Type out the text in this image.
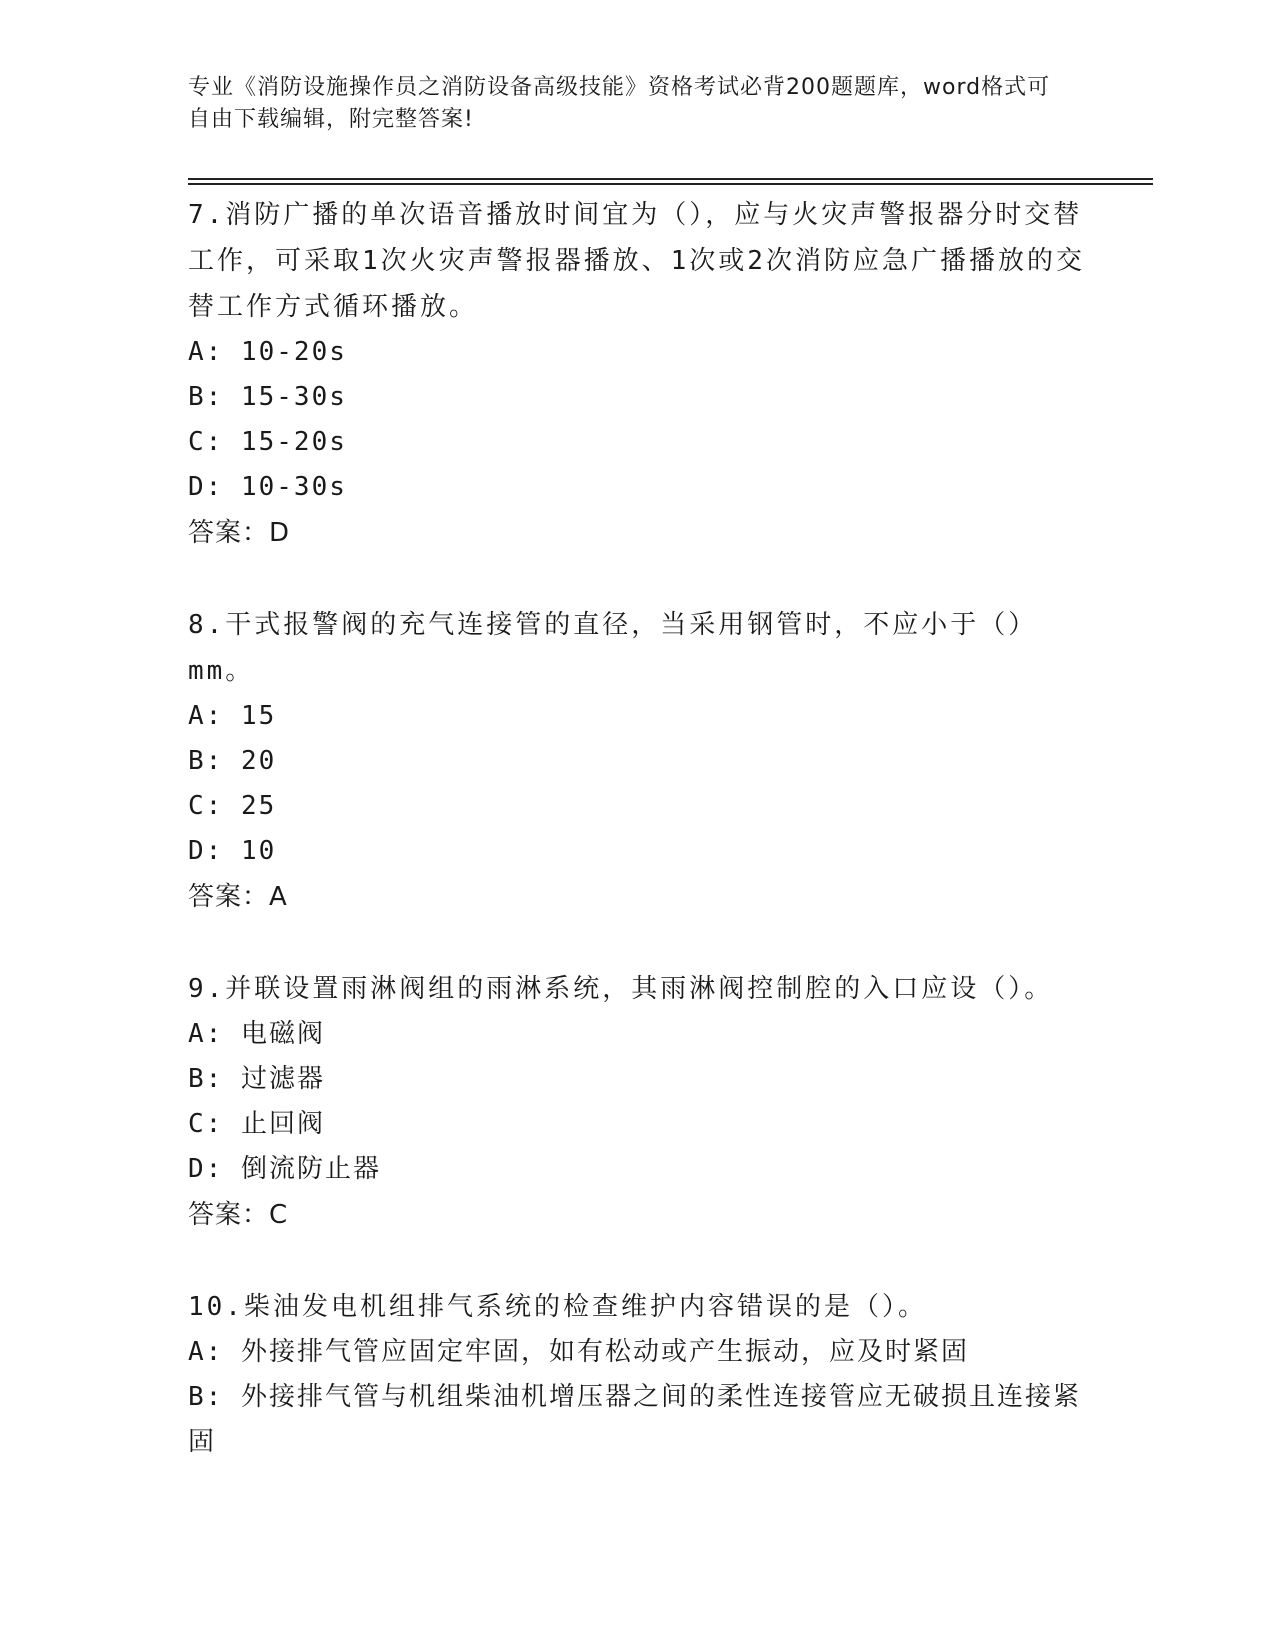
专业《消防设施操作员之消防设备高级技能》资格考试必背200题题库，word格式可自由下载编辑，附完整答案!
7.消防广播的单次语音播放时间宜为（），应与火灾声警报器分时交替工作，可采取1次火灾声警报器播放、1次或2次消防应急广播播放的交替工作方式循环播放。
A: 10-20s
B: 15-30s
C: 15-20s
D: 10-30s
答案：D
8.干式报警阀的充气连接管的直径，当采用钢管时，不应小于（）mm。
A: 15
B: 20
C: 25
D: 10
答案：A
9.并联设置雨淋阀组的雨淋系统，其雨淋阀控制腔的入口应设（）。
A: 电磁阀
B: 过滤器
C: 止回阀
D: 倒流防止器
答案：C
10.柴油发电机组排气系统的检查维护内容错误的是（）。
A: 外接排气管应固定牢固，如有松动或产生振动，应及时紧固
B: 外接排气管与机组柴油机增压器之间的柔性连接管应无破损且连接紧固
